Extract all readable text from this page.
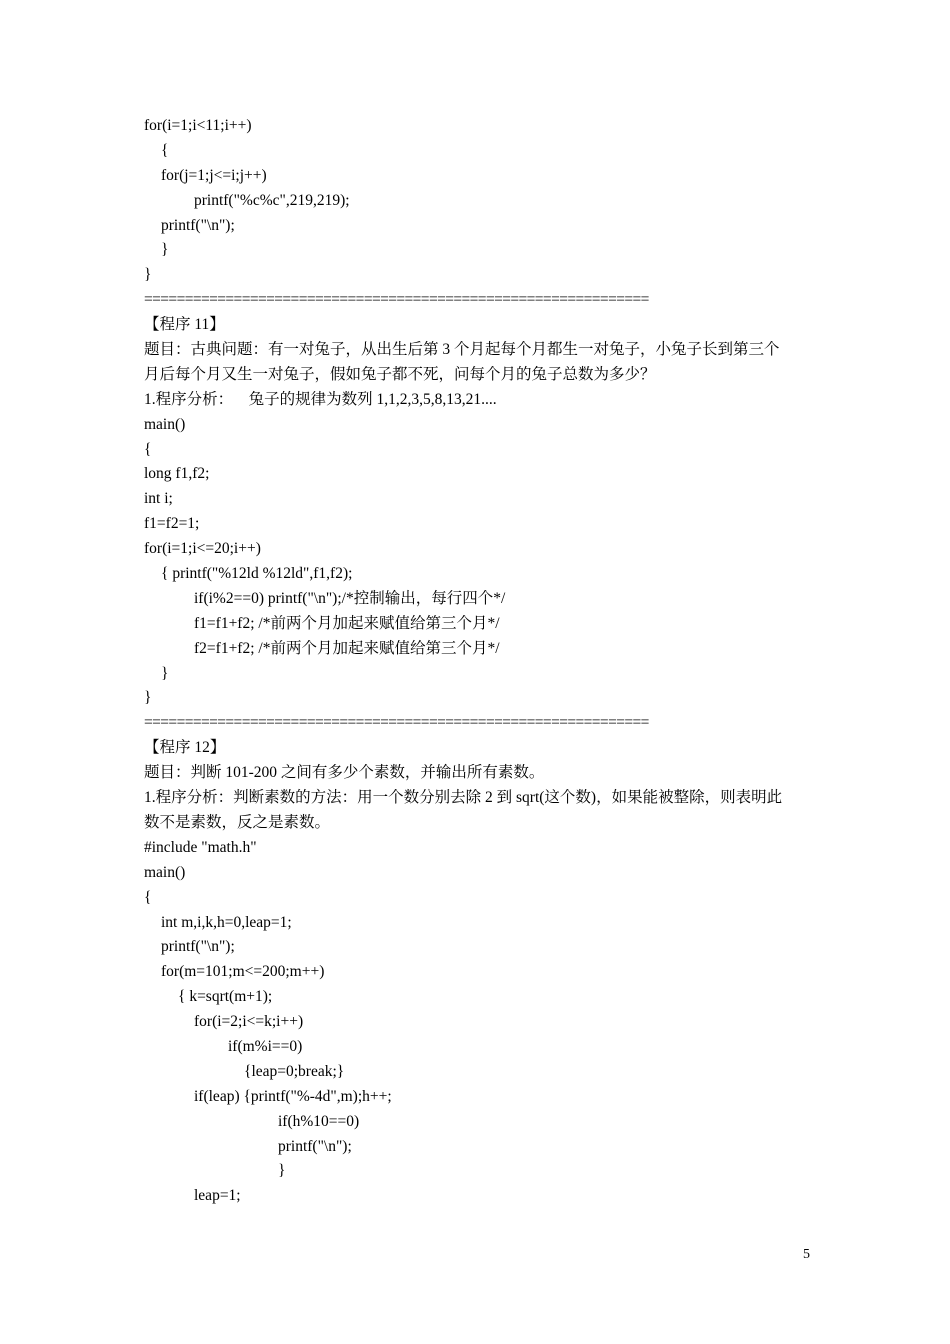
for(i=1;i<11;i++)
{
for(j=1;j<=i;j++)
printf("%c%c",219,219);
printf("\n");
}
}
==============================================================
【程序 11】
题目：古典问题：有一对兔子，从出生后第 3 个月起每个月都生一对兔子，小兔子长到第三个
月后每个月又生一对兔子，假如兔子都不死，问每个月的兔子总数为多少？
1.程序分析：    兔子的规律为数列 1,1,2,3,5,8,13,21....
main()
{
long f1,f2;
int i;
f1=f2=1;
for(i=1;i<=20;i++)
{ printf("%12ld %12ld",f1,f2);
if(i%2==0) printf("\n");/*控制输出，每行四个*/
f1=f1+f2; /*前两个月加起来赋值给第三个月*/
f2=f1+f2; /*前两个月加起来赋值给第三个月*/
}
}
==============================================================
【程序 12】
题目：判断 101-200 之间有多少个素数，并输出所有素数。
1.程序分析：判断素数的方法：用一个数分别去除 2 到 sqrt(这个数)，如果能被整除，则表明此
数不是素数，反之是素数。
#include "math.h"
main()
{
int m,i,k,h=0,leap=1;
printf("\n");
for(m=101;m<=200;m++)
{ k=sqrt(m+1);
for(i=2;i<=k;i++)
if(m%i==0)
{leap=0;break;}
if(leap) {printf("%-4d",m);h++;
if(h%10==0)
printf("\n");
}
leap=1;
5
